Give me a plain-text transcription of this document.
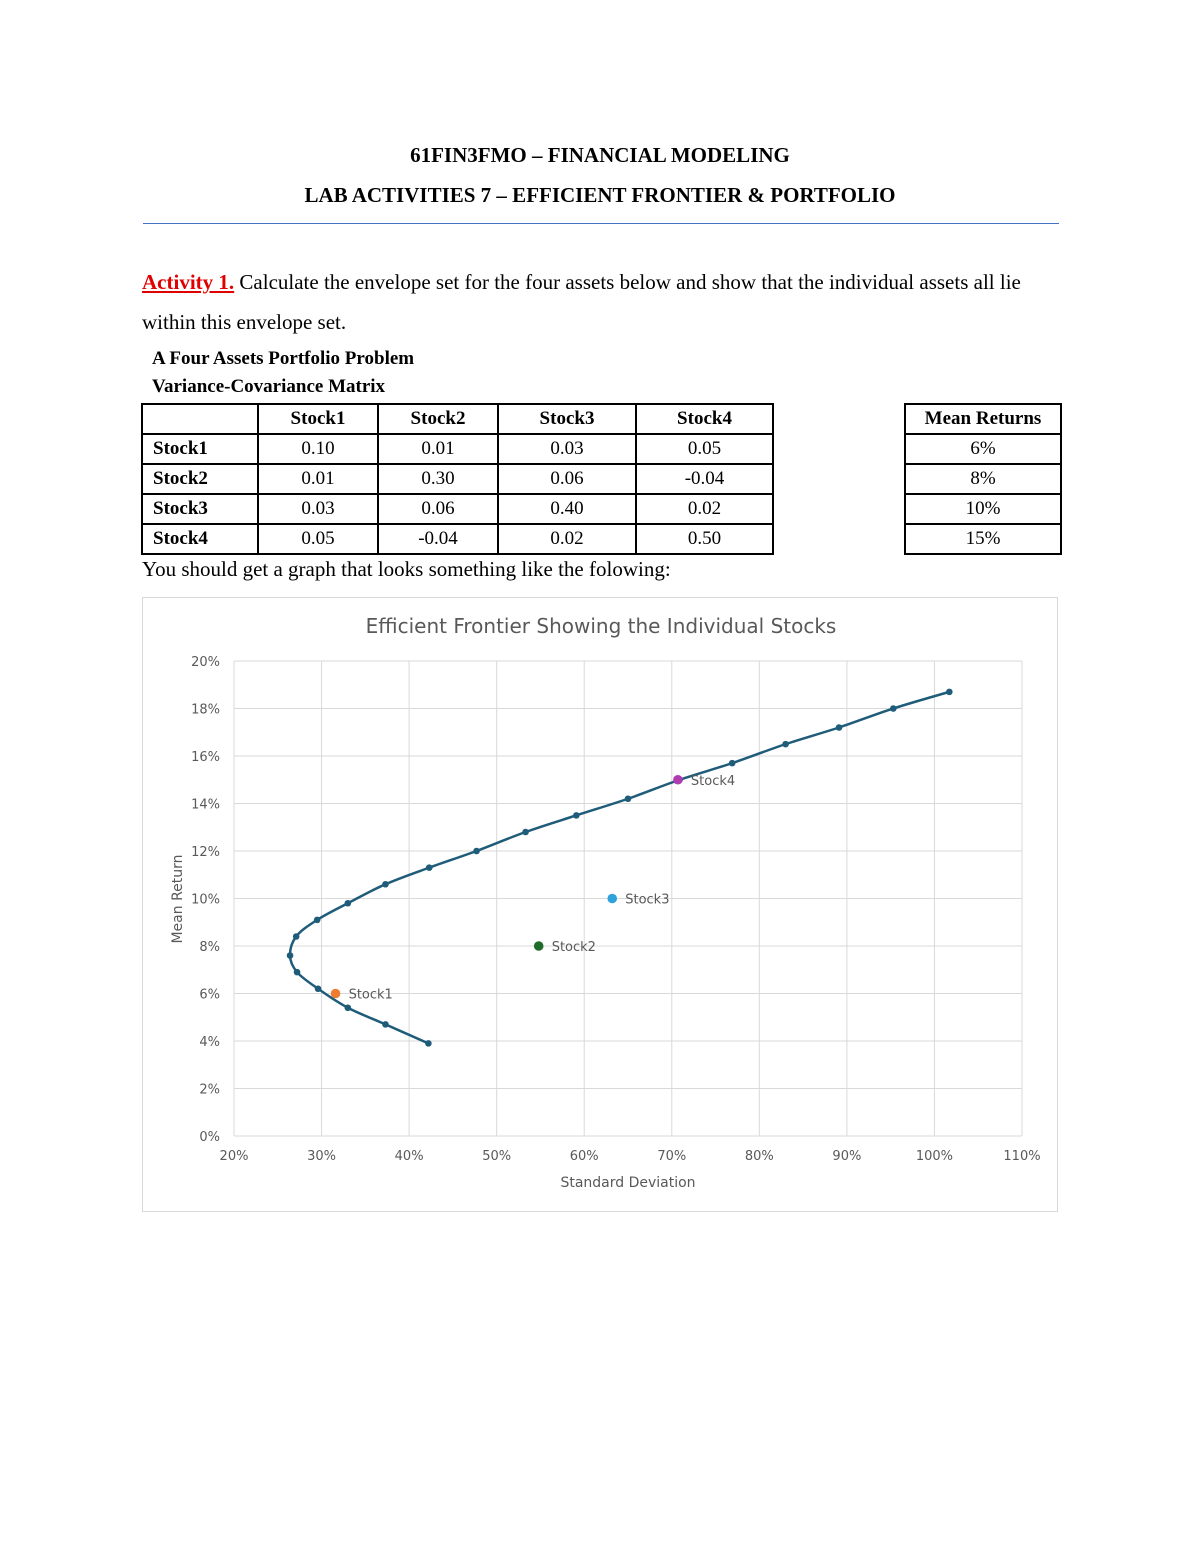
61FIN3FMO – FINANCIAL MODELING
LAB ACTIVITIES 7 – EFFICIENT FRONTIER & PORTFOLIO
Activity 1. Calculate the envelope set for the four assets below and show that the individual assets all lie within this envelope set.
A Four Assets Portfolio Problem
Variance-Covariance Matrix
	Stock1	Stock2	Stock3	Stock4
Stock1	0.10	0.01	0.03	0.05
Stock2	0.01	0.30	0.06	-0.04
Stock3	0.03	0.06	0.40	0.02
Stock4	0.05	-0.04	0.02	0.50
Mean Returns
6%
8%
10%
15%
You should get a graph that looks something like the folowing:
Efficient Frontier Showing the Individual Stocks
0%
2%
4%
6%
8%
10%
12%
14%
16%
18%
20%
20%	30%	40%	50%	60%	70%	80%	90%	100%	110%
Standard Deviation
Mean Return
Stock1
Stock2
Stock3
Stock4
